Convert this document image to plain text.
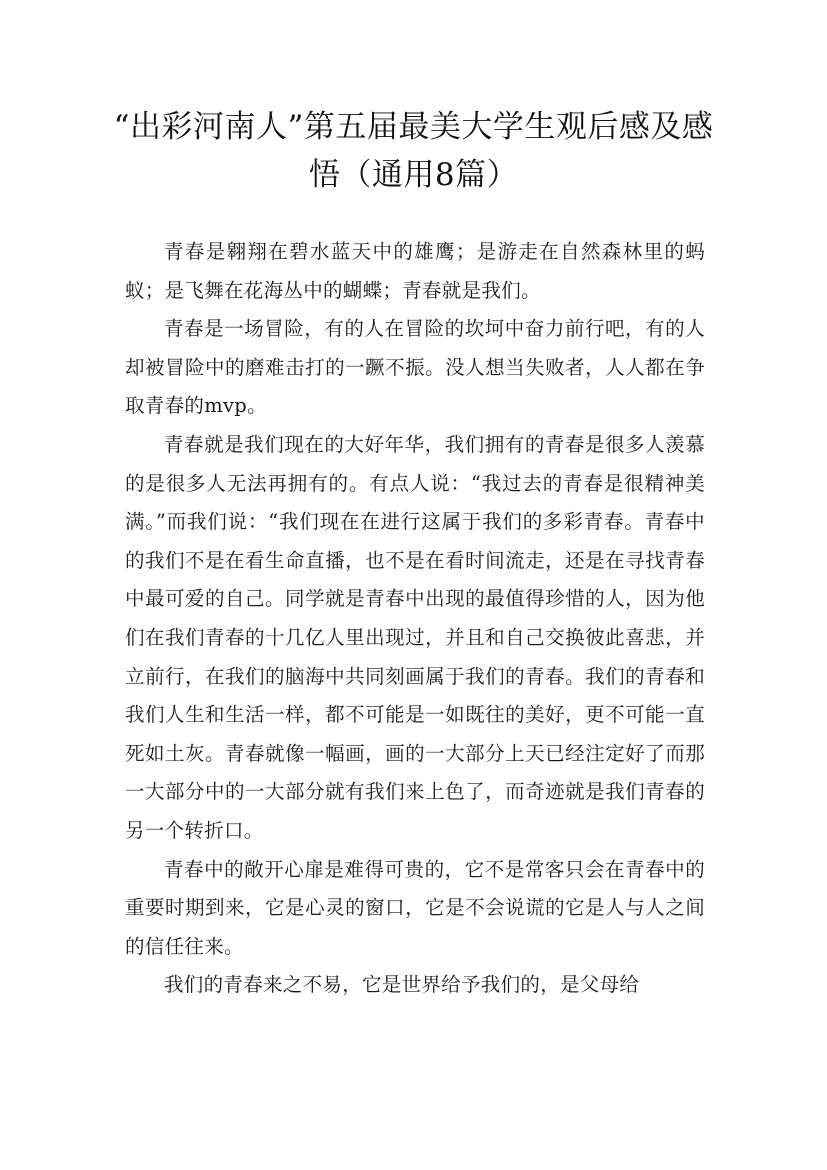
“出彩河南人”第五届最美大学生观后感及感悟（通用8篇）

青春是翱翔在碧水蓝天中的雄鹰；是游走在自然森林里的蚂蚁；是飞舞在花海丛中的蝴蝶；青春就是我们。

青春是一场冒险，有的人在冒险的坎坷中奋力前行吧，有的人却被冒险中的磨难击打的一蹶不振。没人想当失败者，人人都在争取青春的mvp。

青春就是我们现在的大好年华，我们拥有的青春是很多人羡慕的是很多人无法再拥有的。有点人说：“我过去的青春是很精神美满。”而我们说：“我们现在在进行这属于我们的多彩青春。青春中的我们不是在看生命直播，也不是在看时间流走，还是在寻找青春中最可爱的自己。同学就是青春中出现的最值得珍惜的人，因为他们在我们青春的十几亿人里出现过，并且和自己交换彼此喜悲，并立前行，在我们的脑海中共同刻画属于我们的青春。我们的青春和我们人生和生活一样，都不可能是一如既往的美好，更不可能一直死如土灰。青春就像一幅画，画的一大部分上天已经注定好了而那一大部分中的一大部分就有我们来上色了，而奇迹就是我们青春的另一个转折口。

青春中的敞开心扉是难得可贵的，它不是常客只会在青春中的重要时期到来，它是心灵的窗口，它是不会说谎的它是人与人之间的信任往来。

我们的青春来之不易，它是世界给予我们的，是父母给
